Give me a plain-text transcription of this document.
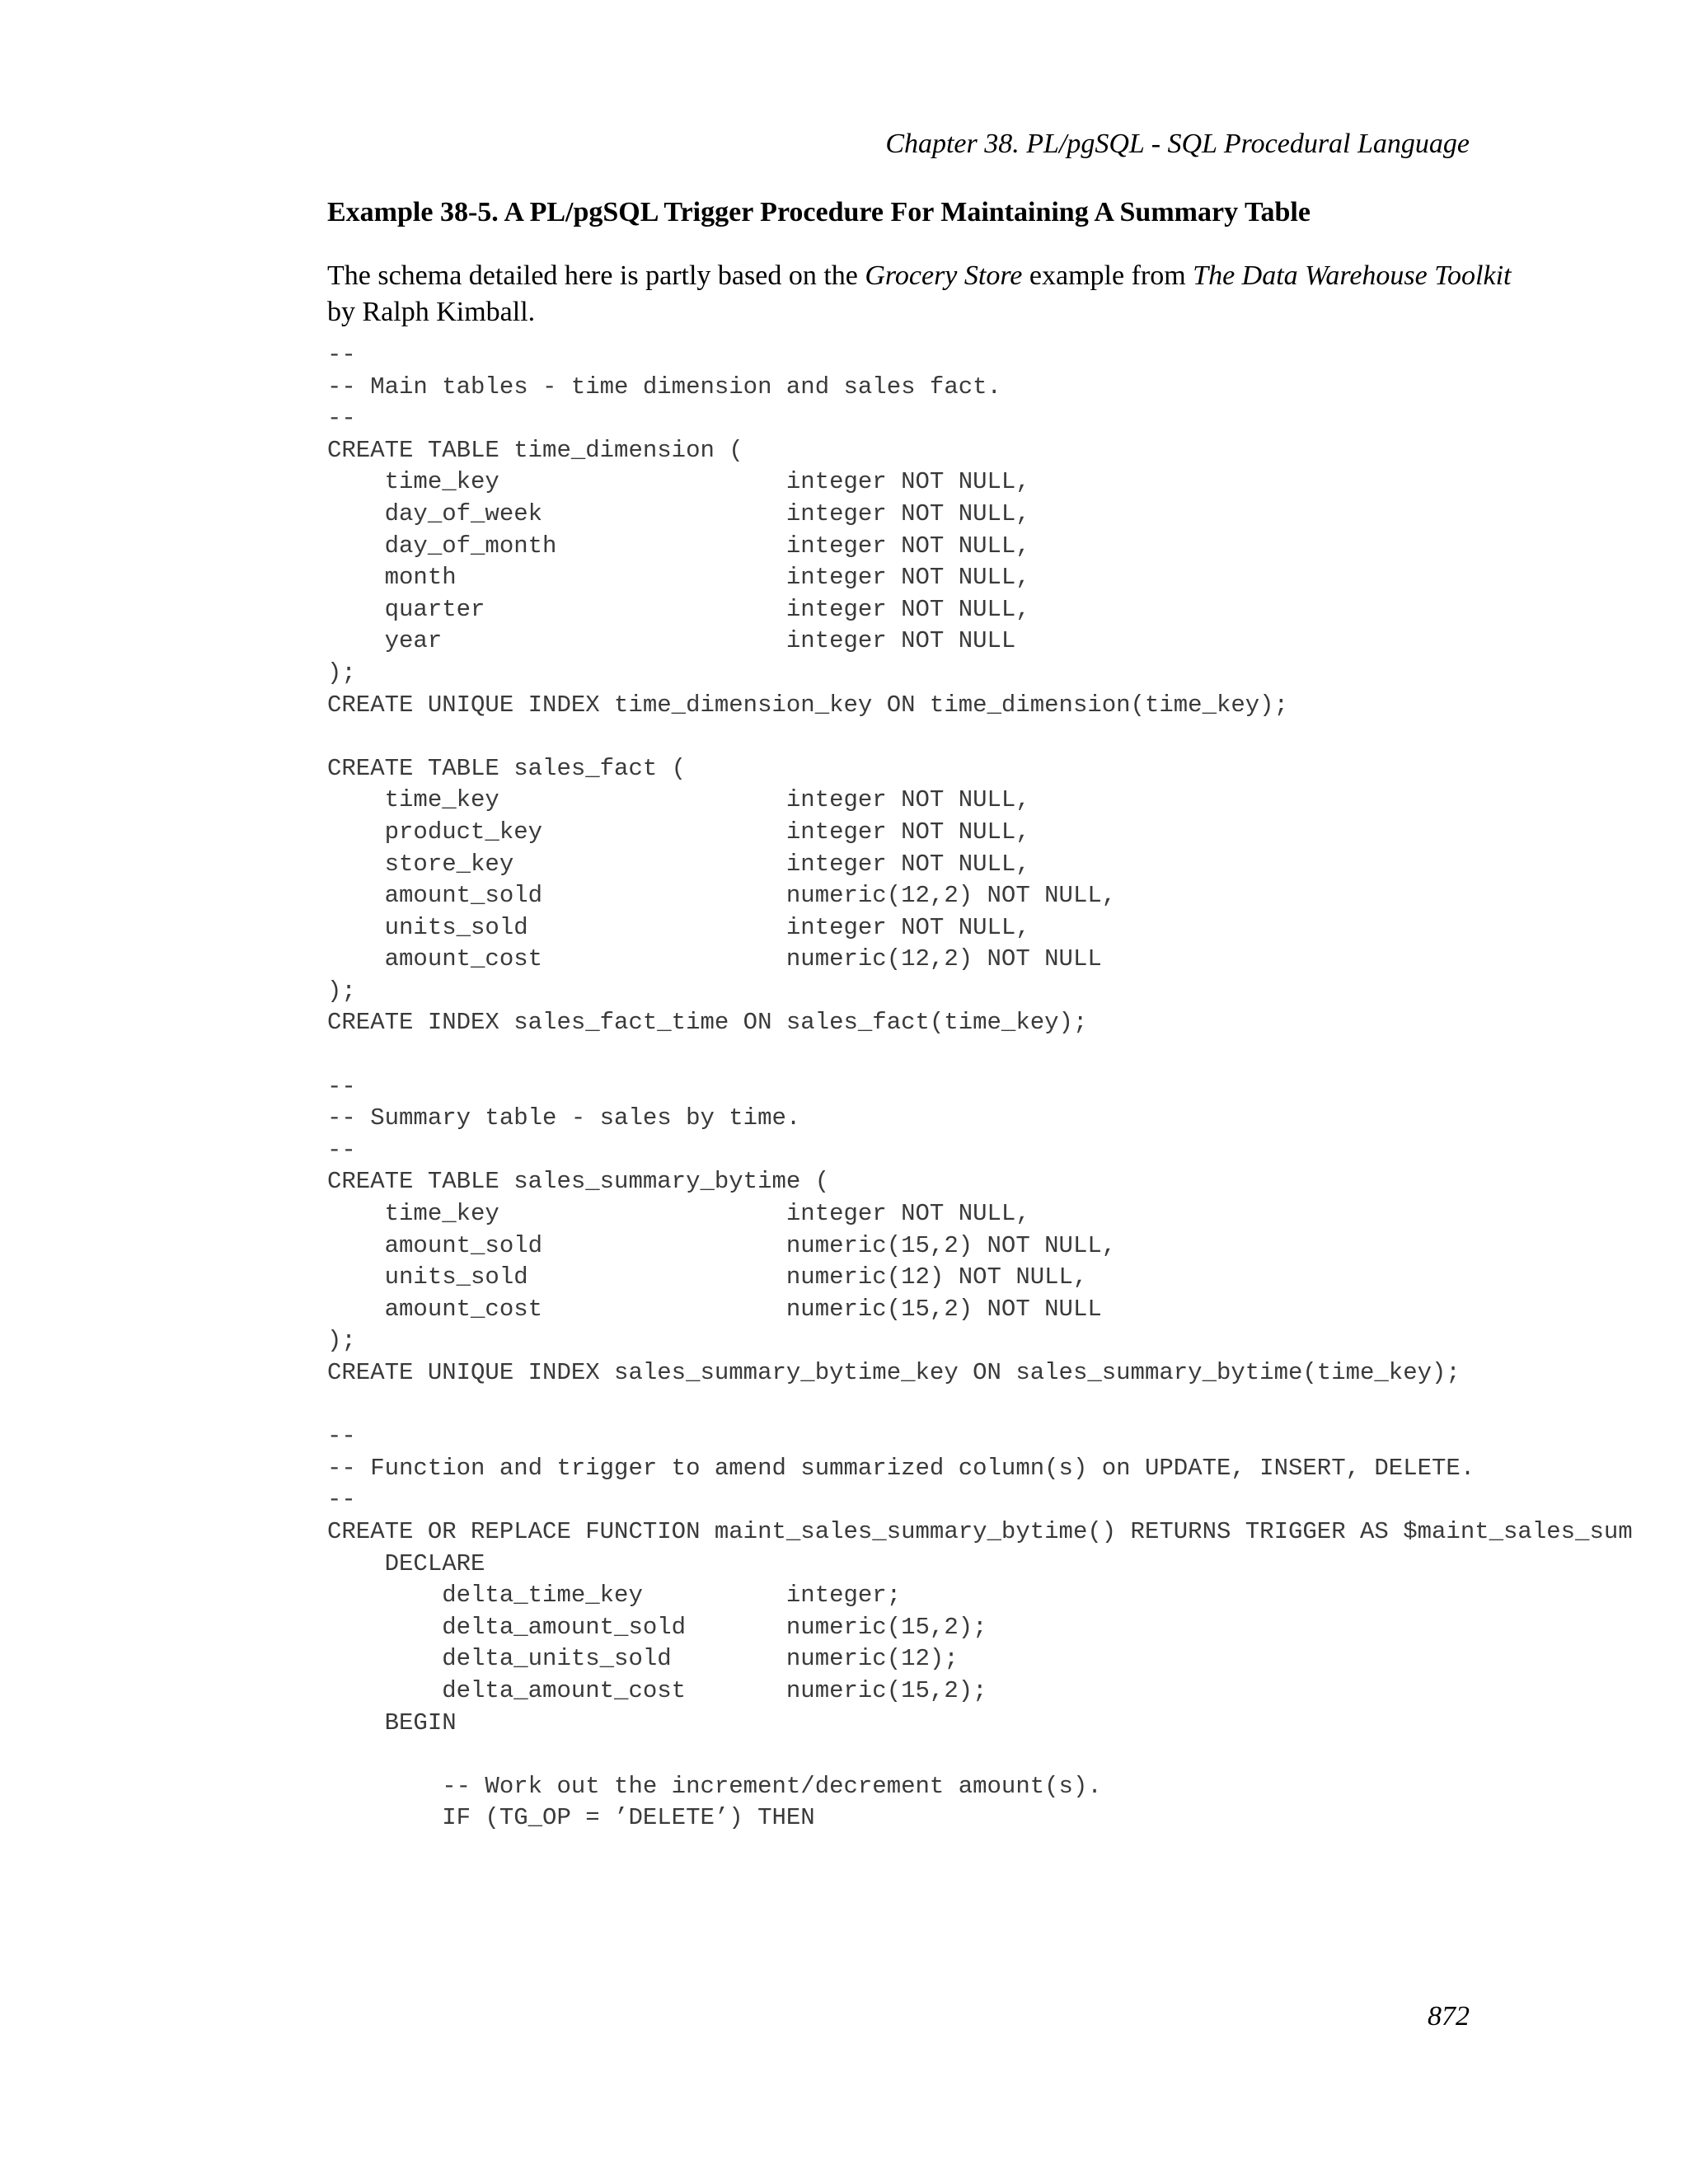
Chapter 38. PL/pgSQL - SQL Procedural Language
Example 38-5. A PL/pgSQL Trigger Procedure For Maintaining A Summary Table
The schema detailed here is partly based on the Grocery Store example from The Data Warehouse Toolkit
by Ralph Kimball.
--
-- Main tables - time dimension and sales fact.
--
CREATE TABLE time_dimension (
time_key                    integer NOT NULL,
day_of_week                 integer NOT NULL,
day_of_month                integer NOT NULL,
month                       integer NOT NULL,
quarter                     integer NOT NULL,
year                        integer NOT NULL
);
CREATE UNIQUE INDEX time_dimension_key ON time_dimension(time_key);
CREATE TABLE sales_fact (
time_key                    integer NOT NULL,
product_key                 integer NOT NULL,
store_key                   integer NOT NULL,
amount_sold                 numeric(12,2) NOT NULL,
units_sold                  integer NOT NULL,
amount_cost                 numeric(12,2) NOT NULL
);
CREATE INDEX sales_fact_time ON sales_fact(time_key);
--
-- Summary table - sales by time.
--
CREATE TABLE sales_summary_bytime (
time_key                    integer NOT NULL,
amount_sold                 numeric(15,2) NOT NULL,
units_sold                  numeric(12) NOT NULL,
amount_cost                 numeric(15,2) NOT NULL
);
CREATE UNIQUE INDEX sales_summary_bytime_key ON sales_summary_bytime(time_key);
--
-- Function and trigger to amend summarized column(s) on UPDATE, INSERT, DELETE.
--
CREATE OR REPLACE FUNCTION maint_sales_summary_bytime() RETURNS TRIGGER AS $maint_sales_sum
DECLARE
delta_time_key          integer;
delta_amount_sold       numeric(15,2);
delta_units_sold        numeric(12);
delta_amount_cost       numeric(15,2);
BEGIN
-- Work out the increment/decrement amount(s).
IF (TG_OP = ’DELETE’) THEN
872
